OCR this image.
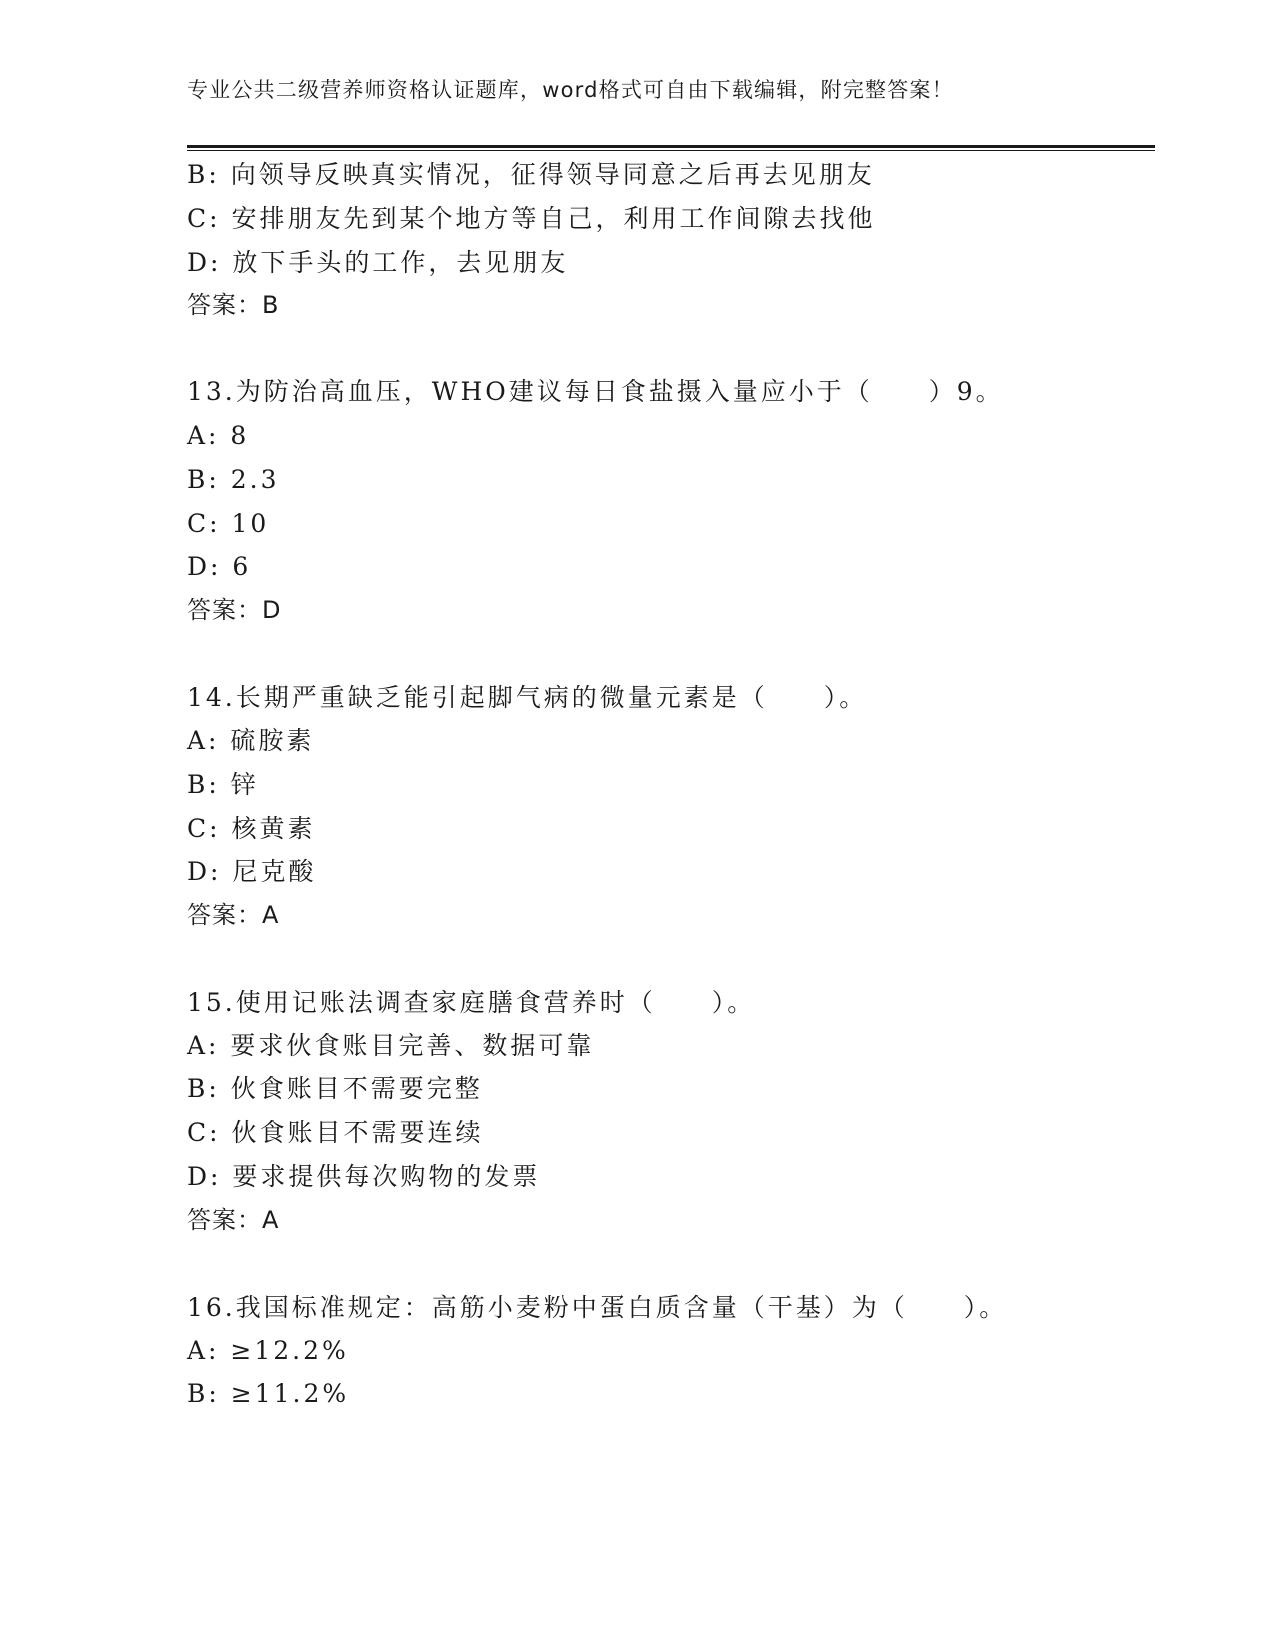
专业公共二级营养师资格认证题库，word格式可自由下载编辑，附完整答案！
B: 向领导反映真实情况，征得领导同意之后再去见朋友
C: 安排朋友先到某个地方等自己，利用工作间隙去找他
D: 放下手头的工作，去见朋友
答案：B
13.为防治高血压，WHO建议每日食盐摄入量应小于（　　）9。
A: 8
B: 2.3
C: 10
D: 6
答案：D
14.长期严重缺乏能引起脚气病的微量元素是（　　）。
A: 硫胺素
B: 锌
C: 核黄素
D: 尼克酸
答案：A
15.使用记账法调查家庭膳食营养时（　　）。
A: 要求伙食账目完善、数据可靠
B: 伙食账目不需要完整
C: 伙食账目不需要连续
D: 要求提供每次购物的发票
答案：A
16.我国标准规定：高筋小麦粉中蛋白质含量（干基）为（　　）。
A: ≥12.2%
B: ≥11.2%
